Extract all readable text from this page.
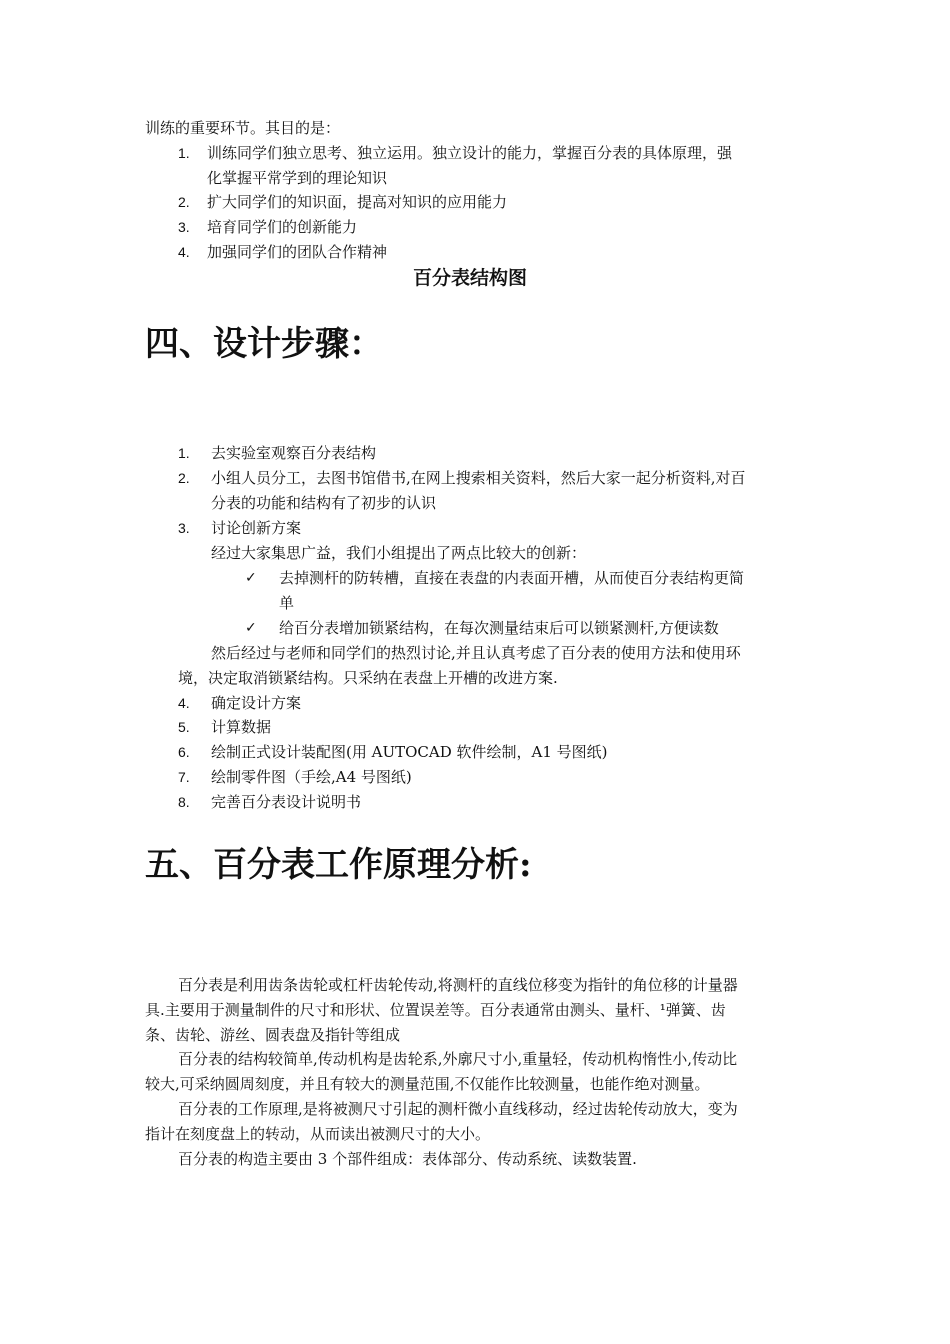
训练的重要环节。其目的是：
1. 训练同学们独立思考、独立运用。独立设计的能力，掌握百分表的具体原理，强
化掌握平常学到的理论知识
2. 扩大同学们的知识面，提高对知识的应用能力
3. 培育同学们的创新能力
4. 加强同学们的团队合作精神
百分表结构图
四、设计步骤：
1. 去实验室观察百分表结构
2. 小组人员分工，去图书馆借书,在网上搜索相关资料，然后大家一起分析资料,对百
分表的功能和结构有了初步的认识
3. 讨论创新方案
经过大家集思广益，我们小组提出了两点比较大的创新：
✓ 去掉测杆的防转槽，直接在表盘的内表面开槽，从而使百分表结构更简
单
✓ 给百分表增加锁紧结构，在每次测量结束后可以锁紧测杆,方便读数
然后经过与老师和同学们的热烈讨论,并且认真考虑了百分表的使用方法和使用环
境，决定取消锁紧结构。只采纳在表盘上开槽的改进方案.
4. 确定设计方案
5. 计算数据
6. 绘制正式设计装配图(用 AUTOCAD 软件绘制，A1 号图纸)
7. 绘制零件图（手绘,A4 号图纸)
8. 完善百分表设计说明书
五、百分表工作原理分析:
百分表是利用齿条齿轮或杠杆齿轮传动,将测杆的直线位移变为指针的角位移的计量器
具.主要用于测量制件的尺寸和形状、位置误差等。百分表通常由测头、量杆、¹弹簧、齿
条、齿轮、游丝、圆表盘及指针等组成
百分表的结构较简单,传动机构是齿轮系,外廓尺寸小,重量轻，传动机构惰性小,传动比
较大,可采纳圆周刻度，并且有较大的测量范围,不仅能作比较测量，也能作绝对测量。
百分表的工作原理,是将被测尺寸引起的测杆微小直线移动，经过齿轮传动放大，变为
指计在刻度盘上的转动，从而读出被测尺寸的大小。
百分表的构造主要由 3 个部件组成：表体部分、传动系统、读数装置.
